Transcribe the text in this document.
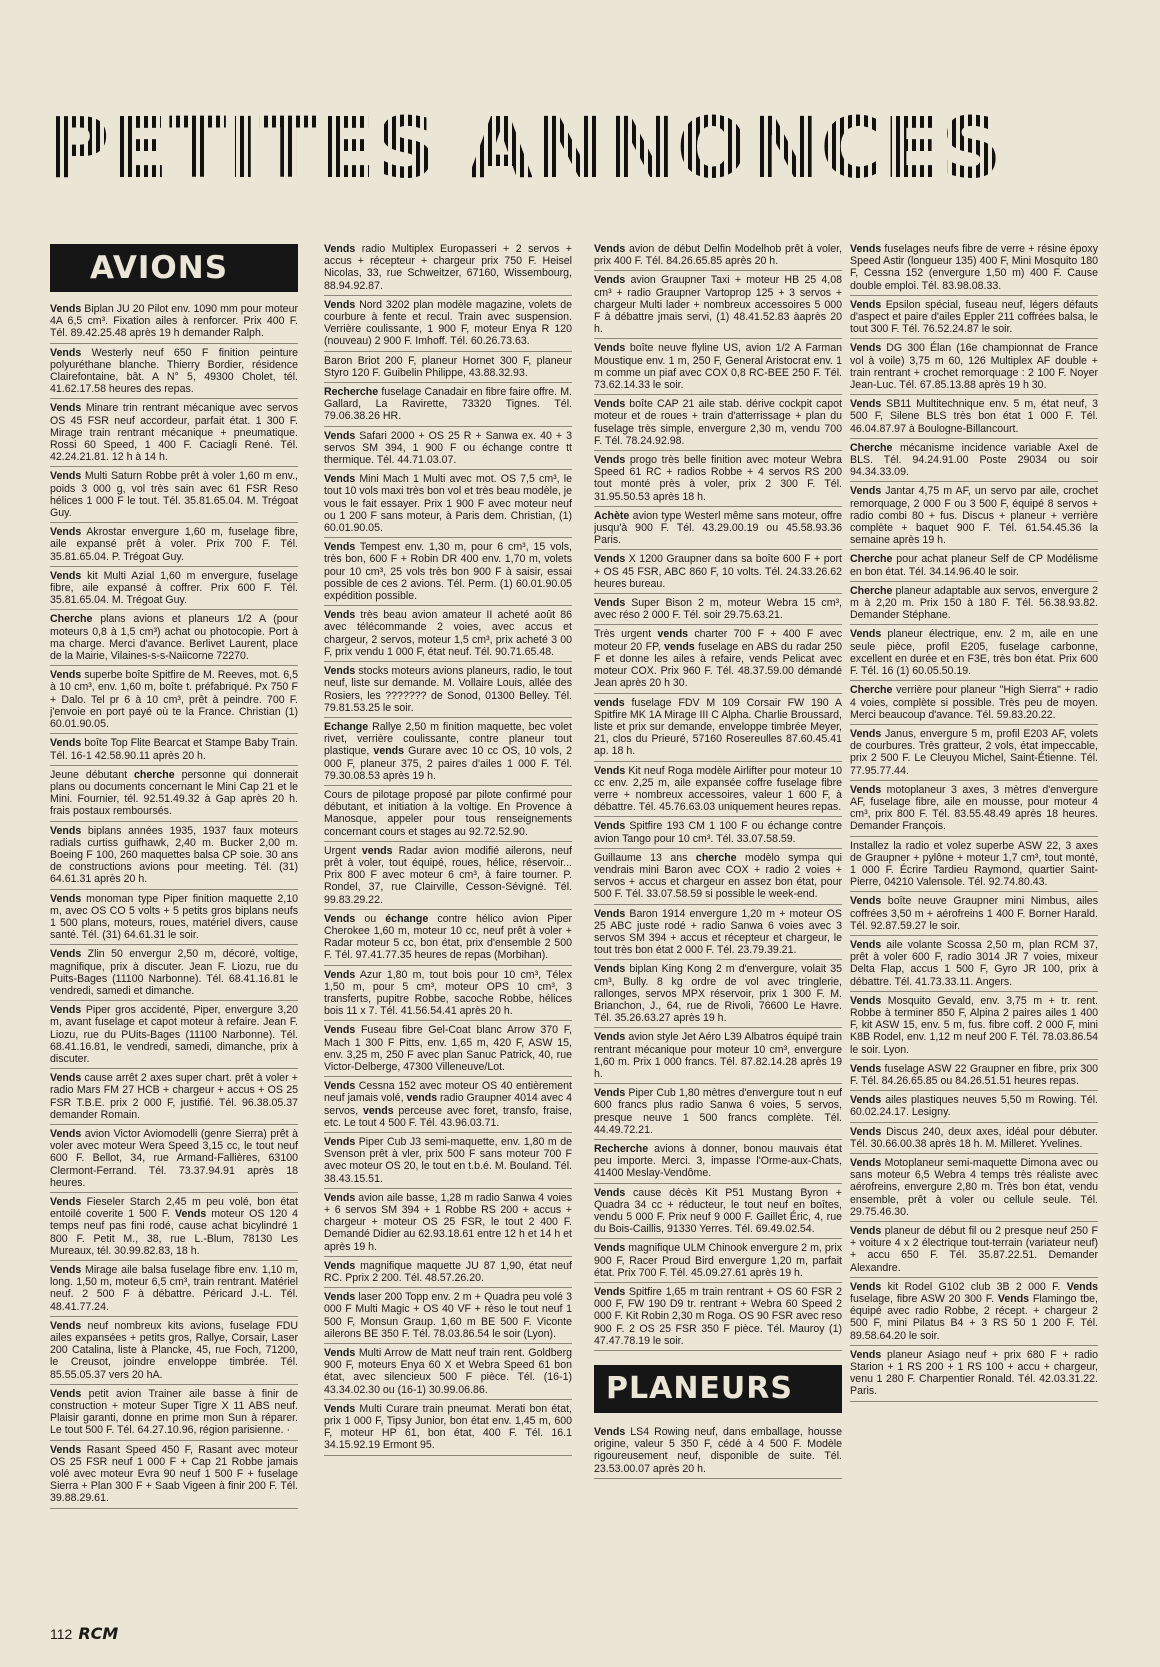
PETITES ANNONCES
AVIONS
Vends Biplan JU 20 Pilot env. 1090 mm pour moteur 4A 6,5 cm³. Fixation ailes à renforcer. Prix 400 F. Tél. 89.42.25.48 après 19 h demander Ralph.
Vends Westerly neuf 650 F finition peinture polyuréthane blanche. Thierry Bordier, résidence Clairefontaine, bât. A N° 5, 49300 Cholet, tél. 41.62.17.58 heures des repas.
Vends Minare trin rentrant mécanique avec servos OS 45 FSR neuf accordeur, parfait état. 1 300 F. Mirage train rentrant mécanique + pneumatique. Rossi 60 Speed, 1 400 F. Caciagli René. Tél. 42.24.21.81. 12 h à 14 h.
Vends Multi Saturn Robbe prêt à voler 1,60 m env., poids 3 000 g, vol très sain avec 61 FSR Reso hélices 1 000 F le tout. Tél. 35.81.65.04. M. Trégoat Guy.
Vends Akrostar envergure 1,60 m, fuselage fibre, aile expansé prêt à voler. Prix 700 F. Tél. 35.81.65.04. P. Trégoat Guy.
Vends kit Multi Azial 1,60 m envergure, fuselage fibre, aile expansé à coffrer. Prix 600 F. Tél. 35.81.65.04. M. Trégoat Guy.
Cherche plans avions et planeurs 1/2 A (pour moteurs 0,8 à 1,5 cm³) achat ou photocopie. Port à ma charge. Merci d'avance. Berlivet Laurent, place de la Mairie, Vilaines-s-s-Naiicorne 72270.
Vends superbe boîte Spitfire de M. Reeves, mot. 6,5 à 10 cm³, env. 1,60 m, boîte t. préfabriqué. Px 750 F + Dalo. Tel pr 6 à 10 cm³, prêt à peindre. 700 F. j'envoie en port payé où te la France. Christian (1) 60.01.90.05.
Vends boîte Top Flite Bearcat et Stampe Baby Train. Tél. 16-1 42.58.90.11 après 20 h.
Jeune débutant cherche personne qui donnerait plans ou documents concernant le Mini Cap 21 et le Mini. Fournier, tél. 92.51.49.32 à Gap après 20 h. frais postaux remboursés.
Vends biplans années 1935, 1937 faux moteurs radials curtiss guifhawk, 2,40 m. Bucker 2,00 m. Boeing F 100, 260 maquettes balsa CP soie. 30 ans de constructions avions pour meeting. Tél. (31) 64.61.31 après 20 h.
Vends monoman type Piper finition maquette 2,10 m, avec OS CO 5 volts + 5 petits gros biplans neufs 1 500 plans, moteurs, roues, matériel divers, cause santé. Tél. (31) 64.61.31 le soir.
Vends Zlin 50 envergur 2,50 m, décoré, voltige, magnifique, prix à discuter. Jean F. Liozu, rue du Puits-Bages (11100 Narbonne). Tél. 68.41.16.81 le vendredi, samedi et dimanche.
Vends Piper gros accidenté, Piper, envergure 3,20 m, avant fuselage et capot moteur à refaire. Jean F. Liozu, rue du PUits-Bages (11100 Narbonne). Tél. 68.41.16.81, le vendredi, samedi, dimanche, prix à discuter.
Vends cause arrêt 2 axes super chart. prêt à voler + radio Mars FM 27 HCB + chargeur + accus + OS 25 FSR T.B.E. prix 2 000 F, justifié. Tél. 96.38.05.37 demander Romain.
Vends avion Victor Aviomodelli (genre Sierra) prêt à voler avec moteur Wera Speed 3,15 cc, le tout neuf 600 F. Bellot, 34, rue Armand-Fallières, 63100 Clermont-Ferrand. Tél. 73.37.94.91 après 18 heures.
Vends Fieseler Starch 2,45 m peu volé, bon état entoilé coverite 1 500 F. Vends moteur OS 120 4 temps neuf pas fini rodé, cause achat bicylindré 1 800 F. Petit M., 38, rue L.-Blum, 78130 Les Mureaux, tél. 30.99.82.83, 18 h.
Vends Mirage aile balsa fuselage fibre env. 1,10 m, long. 1,50 m, moteur 6,5 cm³, train rentrant. Matériel neuf. 2 500 F à débattre. Péricard J.-L. Tél. 48.41.77.24.
Vends neuf nombreux kits avions, fuselage FDU ailes expansées + petits gros, Rallye, Corsair, Laser 200 Catalina, liste à Plancke, 45, rue Foch, 71200, le Creusot, joindre enveloppe timbrée. Tél. 85.55.05.37 vers 20 hA.
Vends petit avion Trainer aile basse à finir de construction + moteur Super Tigre X 11 ABS neuf. Plaisir garanti, donne en prime mon Sun à réparer. Le tout 500 F. Tél. 64.27.10.96, région parisienne. ·
Vends Rasant Speed 450 F, Rasant avec moteur OS 25 FSR neuf 1 000 F + Cap 21 Robbe jamais volé avec moteur Evra 90 neuf 1 500 F + fuselage Sierra + Plan 300 F + Saab Vigeen à finir 200 F. Tél. 39.88.29.61.
Vends radio Multiplex Europasseri + 2 servos + accus + récepteur + chargeur prix 750 F. Heisel Nicolas, 33, rue Schweitzer, 67160, Wissembourg, 88.94.92.87.
Vends Nord 3202 plan modèle magazine, volets de courbure à fente et recul. Train avec suspension. Verrière coulissante, 1 900 F, moteur Enya R 120 (nouveau) 2 900 F. Imhoff. Tél. 60.26.73.63.
Baron Briot 200 F, planeur Hornet 300 F, planeur Styro 120 F. Guibelin Philippe, 43.88.32.93.
Recherche fuselage Canadair en fibre faire offre. M. Gallard, La Ravirette, 73320 Tignes. Tél. 79.06.38.26 HR.
Vends Safari 2000 + OS 25 R + Sanwa ex. 40 + 3 servos SM 394, 1 900 F ou échange contre tt thermique. Tél. 44.71.03.07.
Vends Mini Mach 1 Multi avec mot. OS 7,5 cm³, le tout 10 vols maxi très bon vol et très beau modèle, je vous le fait essayer. Prix 1 900 F avec moteur neuf ou 1 200 F sans moteur, à Paris dem. Christian, (1) 60.01.90.05.
Vends Tempest env. 1,30 m, pour 6 cm³, 15 vols, très bon, 600 F + Robin DR 400 env. 1,70 m, volets pour 10 cm³, 25 vols très bon 900 F à saisir, essai possible de ces 2 avions. Tél. Perm. (1) 60.01.90.05 expédition possible.
Vends très beau avion amateur II acheté août 86 avec télécommande 2 voies, avec accus et chargeur, 2 servos, moteur 1,5 cm³, prix acheté 3 00 F, prix vendu 1 000 F, état neuf. Tél. 90.71.65.48.
Vends stocks moteurs avions planeurs, radio, le tout neuf, liste sur demande. M. Vollaire Louis, allée des Rosiers, les ??????? de Sonod, 01300 Belley. Tél. 79.81.53.25 le soir.
Echange Rallye 2,50 m finition maquette, bec volet rivet, verrière coulissante, contre planeur tout plastique, vends Gurare avec 10 cc OS, 10 vols, 2 000 F, planeur 375, 2 paires d'ailes 1 000 F. Tél. 79.30.08.53 après 19 h.
Cours de pilotage proposé par pilote confirmé pour débutant, et initiation à la voltige. En Provence à Manosque, appeler pour tous renseignements concernant cours et stages au 92.72.52.90.
Urgent vends Radar avion modifié ailerons, neuf prêt à voler, tout équipé, roues, hélice, réservoir... Prix 800 F avec moteur 6 cm³, à faire tourner. P. Rondel, 37, rue Clairville, Cesson-Sévigné. Tél. 99.83.29.22.
Vends ou échange contre hélico avion Piper Cherokee 1,60 m, moteur 10 cc, neuf prêt à voler + Radar moteur 5 cc, bon état, prix d'ensemble 2 500 F. Tél. 97.41.77.35 heures de repas (Morbihan).
Vends Azur 1,80 m, tout bois pour 10 cm³, Télex 1,50 m, pour 5 cm³, moteur OPS 10 cm³, 3 transferts, pupitre Robbe, sacoche Robbe, hélices bois 11 x 7. Tél. 41.56.54.41 après 20 h.
Vends Fuseau fibre Gel-Coat blanc Arrow 370 F, Mach 1 300 F Pitts, env. 1,65 m, 420 F, ASW 15, env. 3,25 m, 250 F avec plan Sanuc Patrick, 40, rue Victor-Delberge, 47300 Villeneuve/Lot.
Vends Cessna 152 avec moteur OS 40 entièrement neuf jamais volé, vends radio Graupner 4014 avec 4 servos, vends perceuse avec foret, transfo, fraise, etc. Le tout 4 500 F. Tél. 43.96.03.71.
Vends Piper Cub J3 semi-maquette, env. 1,80 m de Svenson prêt à vler, prix 500 F sans moteur 700 F avec moteur OS 20, le tout en t.b.é. M. Bouland. Tél. 38.43.15.51.
Vends avion aile basse, 1,28 m radio Sanwa 4 voies + 6 servos SM 394 + 1 Robbe RS 200 + accus + chargeur + moteur OS 25 FSR, le tout 2 400 F. Demandé Didier au 62.93.18.61 entre 12 h et 14 h et après 19 h.
Vends magnifique maquette JU 87 1,90, état neuf RC. Pprix 2 200. Tél. 48.57.26.20.
Vends laser 200 Topp env. 2 m + Quadra peu volé 3 000 F Multi Magic + OS 40 VF + réso le tout neuf 1 500 F, Monsun Graup. 1,60 m BE 500 F. Viconte ailerons BE 350 F. Tél. 78.03.86.54 le soir (Lyon).
Vends Multi Arrow de Matt neuf train rent. Goldberg 900 F, moteurs Enya 60 X et Webra Speed 61 bon état, avec silencieux 500 F pièce. Tél. (16-1) 43.34.02.30 ou (16-1) 30.99.06.86.
Vends Multi Curare train pneumat. Merati bon état, prix 1 000 F, Tipsy Junior, bon état env. 1,45 m, 600 F, moteur HP 61, bon état, 400 F. Tél. 16.1 34.15.92.19 Ermont 95.
Vends avion de début Delfin Modelhob prêt à voler, prix 400 F. Tél. 84.26.65.85 après 20 h.
Vends avion Graupner Taxi + moteur HB 25 4,08 cm³ + radio Graupner Vartoprop 125 + 3 servos + chargeur Multi lader + nombreux accessoires 5 000 F à débattre jmais servi, (1) 48.41.52.83 àaprès 20 h.
Vends boîte neuve flyline US, avion 1/2 A Farman Moustique env. 1 m, 250 F, General Aristocrat env. 1 m comme un piaf avec COX 0,8 RC-BEE 250 F. Tél. 73.62.14.33 le soir.
Vends boîte CAP 21 aile stab. dérive cockpit capot moteur et de roues + train d'atterrissage + plan du fuselage très simple, envergure 2,30 m, vendu 700 F. Tél. 78.24.92.98.
Vends progo très belle finition avec moteur Webra Speed 61 RC + radios Robbe + 4 servos RS 200 tout monté près à voler, prix 2 300 F. Tél. 31.95.50.53 après 18 h.
Achète avion type Westerl même sans moteur, offre jusqu'à 900 F. Tél. 43.29.00.19 ou 45.58.93.36 Paris.
Vends X 1200 Graupner dans sa boîte 600 F + port + OS 45 FSR, ABC 860 F, 10 volts. Tél. 24.33.26.62 heures bureau.
Vends Super Bison 2 m, moteur Webra 15 cm³, avec réso 2 000 F. Tél. soir 29.75.63.21.
Très urgent vends charter 700 F + 400 F avec moteur 20 FP, vends fuselage en ABS du radar 250 F et donne les ailes à refaire, vends Pelicat avec moteur COX. Prix 960 F. Tél. 48.37.59.00 démandé Jean après 20 h 30.
vends fuselage FDV M 109 Corsair FW 190 A Spitfire MK 1A Mirage III C Alpha. Charlie Broussard, liste et prix sur demande, enveloppe timbrée Meyer, 21, clos du Prieuré, 57160 Rosereulles 87.60.45.41 ap. 18 h.
Vends Kit neuf Roga modèle Airlifter pour moteur 10 cc env. 2,25 m, aile expansée coffre fuselage fibre verre + nombreux accessoires, valeur 1 600 F, à débattre. Tél. 45.76.63.03 uniquement heures repas.
Vends Spitfire 193 CM 1 100 F ou échange contre avion Tango pour 10 cm³. Tél. 33.07.58.59.
Guillaume 13 ans cherche modèlo sympa qui vendrais mini Baron avec COX + radio 2 voies + servos + accus et chargeur en assez bon état, pour 500 F. Tél. 33.07.58.59 si possible le week-end.
Vends Baron 1914 envergure 1,20 m + moteur OS 25 ABC juste rodé + radio Sanwa 6 voies avec 3 servos SM 394 + accus et récepteur et chargeur, le tout très bon état 2 000 F. Tél. 23.79.39.21.
Vends biplan King Kong 2 m d'envergure, volait 35 cm³, Bully. 8 kg ordre de vol avec tringlerie, rallonges, servos MPX réservoir, prix 1 300 F. M. Brianchon, J., 64, rue de Rivoli, 76600 Le Havre. Tél. 35.26.63.27 après 19 h.
Vends avion style Jet Aéro L39 Albatros équipé train rentrant mécanique pour moteur 10 cm³, envergure 1,60 m. Prix 1 000 francs. Tél. 87.82.14.28 après 19 h.
Vends Piper Cub 1,80 mètres d'envergure tout n euf 600 francs plus radio Sanwa 6 voies, 5 servos, presque neuve 1 500 francs complète. Tél. 44.49.72.21.
Recherche avions à donner, bonou mauvais état peu importe. Merci. 3, impasse l'Orme-aux-Chats, 41400 Meslay-Vendôme.
Vends cause décès Kit P51 Mustang Byron + Quadra 34 cc + réducteur, le tout neuf en boîtes, vendu 5 000 F. Prix neuf 9 000 F. Gaillet Éric, 4, rue du Bois-Caillis, 91330 Yerres. Tél. 69.49.02.54.
Vends magnifique ULM Chinook envergure 2 m, prix 900 F, Racer Proud Bird envergure 1,20 m, parfait état. Prix 700 F. Tél. 45.09.27.61 après 19 h.
Vends Spitfire 1,65 m train rentrant + OS 60 FSR 2 000 F, FW 190 D9 tr. rentrant + Webra 60 Speed 2 000 F. Kit Robin 2,30 m Roga. OS 90 FSR avec reso 900 F. 2 OS 25 FSR 350 F pièce. Tél. Mauroy (1) 47.47.78.19 le soir.
PLANEURS
Vends LS4 Rowing neuf, dans emballage, housse origine, valeur 5 350 F, cédé à 4 500 F. Modèle rigoureusement neuf, disponible de suite. Tél. 23.53.00.07 après 20 h.
Vends fuselages neufs fibre de verre + résine époxy Speed Astir (longueur 135) 400 F, Mini Mosquito 180 F, Cessna 152 (envergure 1,50 m) 400 F. Cause double emploi. Tél. 83.98.08.33.
Vends Epsilon spécial, fuseau neuf, légers défauts d'aspect et paire d'ailes Eppler 211 coffrées balsa, le tout 300 F. Tél. 76.52.24.87 le soir.
Vends DG 300 Élan (16e championnat de France vol à voile) 3,75 m 60, 126 Multiplex AF double + train rentrant + crochet remorquage : 2 100 F. Noyer Jean-Luc. Tél. 67.85.13.88 après 19 h 30.
Vends SB11 Multitechnique env. 5 m, état neuf, 3 500 F, Silene BLS très bon état 1 000 F. Tél. 46.04.87.97 à Boulogne-Billancourt.
Cherche mécanisme incidence variable Axel de BLS. Tél. 94.24.91.00 Poste 29034 ou soir 94.34.33.09.
Vends Jantar 4,75 m AF, un servo par aile, crochet remorquage, 2 000 F ou 3 500 F, équipé 8 servos + radio combi 80 + fus. Discus + planeur + verrière complète + baquet 900 F. Tél. 61.54.45.36 la semaine après 19 h.
Cherche pour achat planeur Self de CP Modélisme en bon état. Tél. 34.14.96.40 le soir.
Cherche planeur adaptable aux servos, envergure 2 m à 2,20 m. Prix 150 à 180 F. Tél. 56.38.93.82. Demander Stéphane.
Vends planeur électrique, env. 2 m, aile en une seule pièce, profil E205, fuselage carbonne, excellent en durée et en F3E, très bon état. Prix 600 F. Tél. 16 (1) 60.05.50.19.
Cherche verrière pour planeur "High Sierra" + radio 4 voies, complète si possible. Très peu de moyen. Merci beaucoup d'avance. Tél. 59.83.20.22.
Vends Janus, envergure 5 m, profil E203 AF, volets de courbures. Très gratteur, 2 vols, état impeccable, prix 2 500 F. Le Cleuyou Michel, Saint-Étienne. Tél. 77.95.77.44.
Vends motoplaneur 3 axes, 3 mètres d'envergure AF, fuselage fibre, aile en mousse, pour moteur 4 cm³, prix 800 F. Tél. 83.55.48.49 après 18 heures. Demander François.
Installez la radio et volez superbe ASW 22, 3 axes de Graupner + pylône + moteur 1,7 cm³, tout monté, 1 000 F. Écrire Tardieu Raymond, quartier Saint-Pierre, 04210 Valensole. Tél. 92.74.80.43.
Vends boîte neuve Graupner mini Nimbus, ailes coffrées 3,50 m + aérofreins 1 400 F. Borner Harald. Tél. 92.87.59.27 le soir.
Vends aile volante Scossa 2,50 m, plan RCM 37, prêt à voler 600 F, radio 3014 JR 7 voies, mixeur Delta Flap, accus 1 500 F, Gyro JR 100, prix à débattre. Tél. 41.73.33.11. Angers.
Vends Mosquito Gevald, env. 3,75 m + tr. rent. Robbe à terminer 850 F, Alpina 2 paires ailes 1 400 F, kit ASW 15, env. 5 m, fus. fibre coff. 2 000 F, mini K8B Rodel, env. 1,12 m neuf 200 F. Tél. 78.03.86.54 le soir. Lyon.
Vends fuselage ASW 22 Graupner en fibre, prix 300 F. Tél. 84.26.65.85 ou 84.26.51.51 heures repas.
Vends ailes plastiques neuves 5,50 m Rowing. Tél. 60.02.24.17. Lesigny.
Vends Discus 240, deux axes, idéal pour débuter. Tél. 30.66.00.38 après 18 h. M. Milleret. Yvelines.
Vends Motoplaneur semi-maquette Dimona avec ou sans moteur 6,5 Webra 4 temps très réaliste avec aérofreins, envergure 2,80 m. Très bon état, vendu ensemble, prêt à voler ou cellule seule. Tél. 29.75.46.30.
Vends planeur de début fil ou 2 presque neuf 250 F + voiture 4 x 2 électrique tout-terrain (variateur neuf) + accu 650 F. Tél. 35.87.22.51. Demander Alexandre.
Vends kit Rodel G102 club 3B 2 000 F. Vends fuselage, fibre ASW 20 300 F. Vends Flamingo tbe, équipé avec radio Robbe, 2 récept. + chargeur 2 500 F, mini Pilatus B4 + 3 RS 50 1 200 F. Tél. 89.58.64.20 le soir.
Vends planeur Asiago neuf + prix 680 F + radio Starion + 1 RS 200 + 1 RS 100 + accu + chargeur, venu 1 280 F. Charpentier Ronald. Tél. 42.03.31.22. Paris.
112 RCM
